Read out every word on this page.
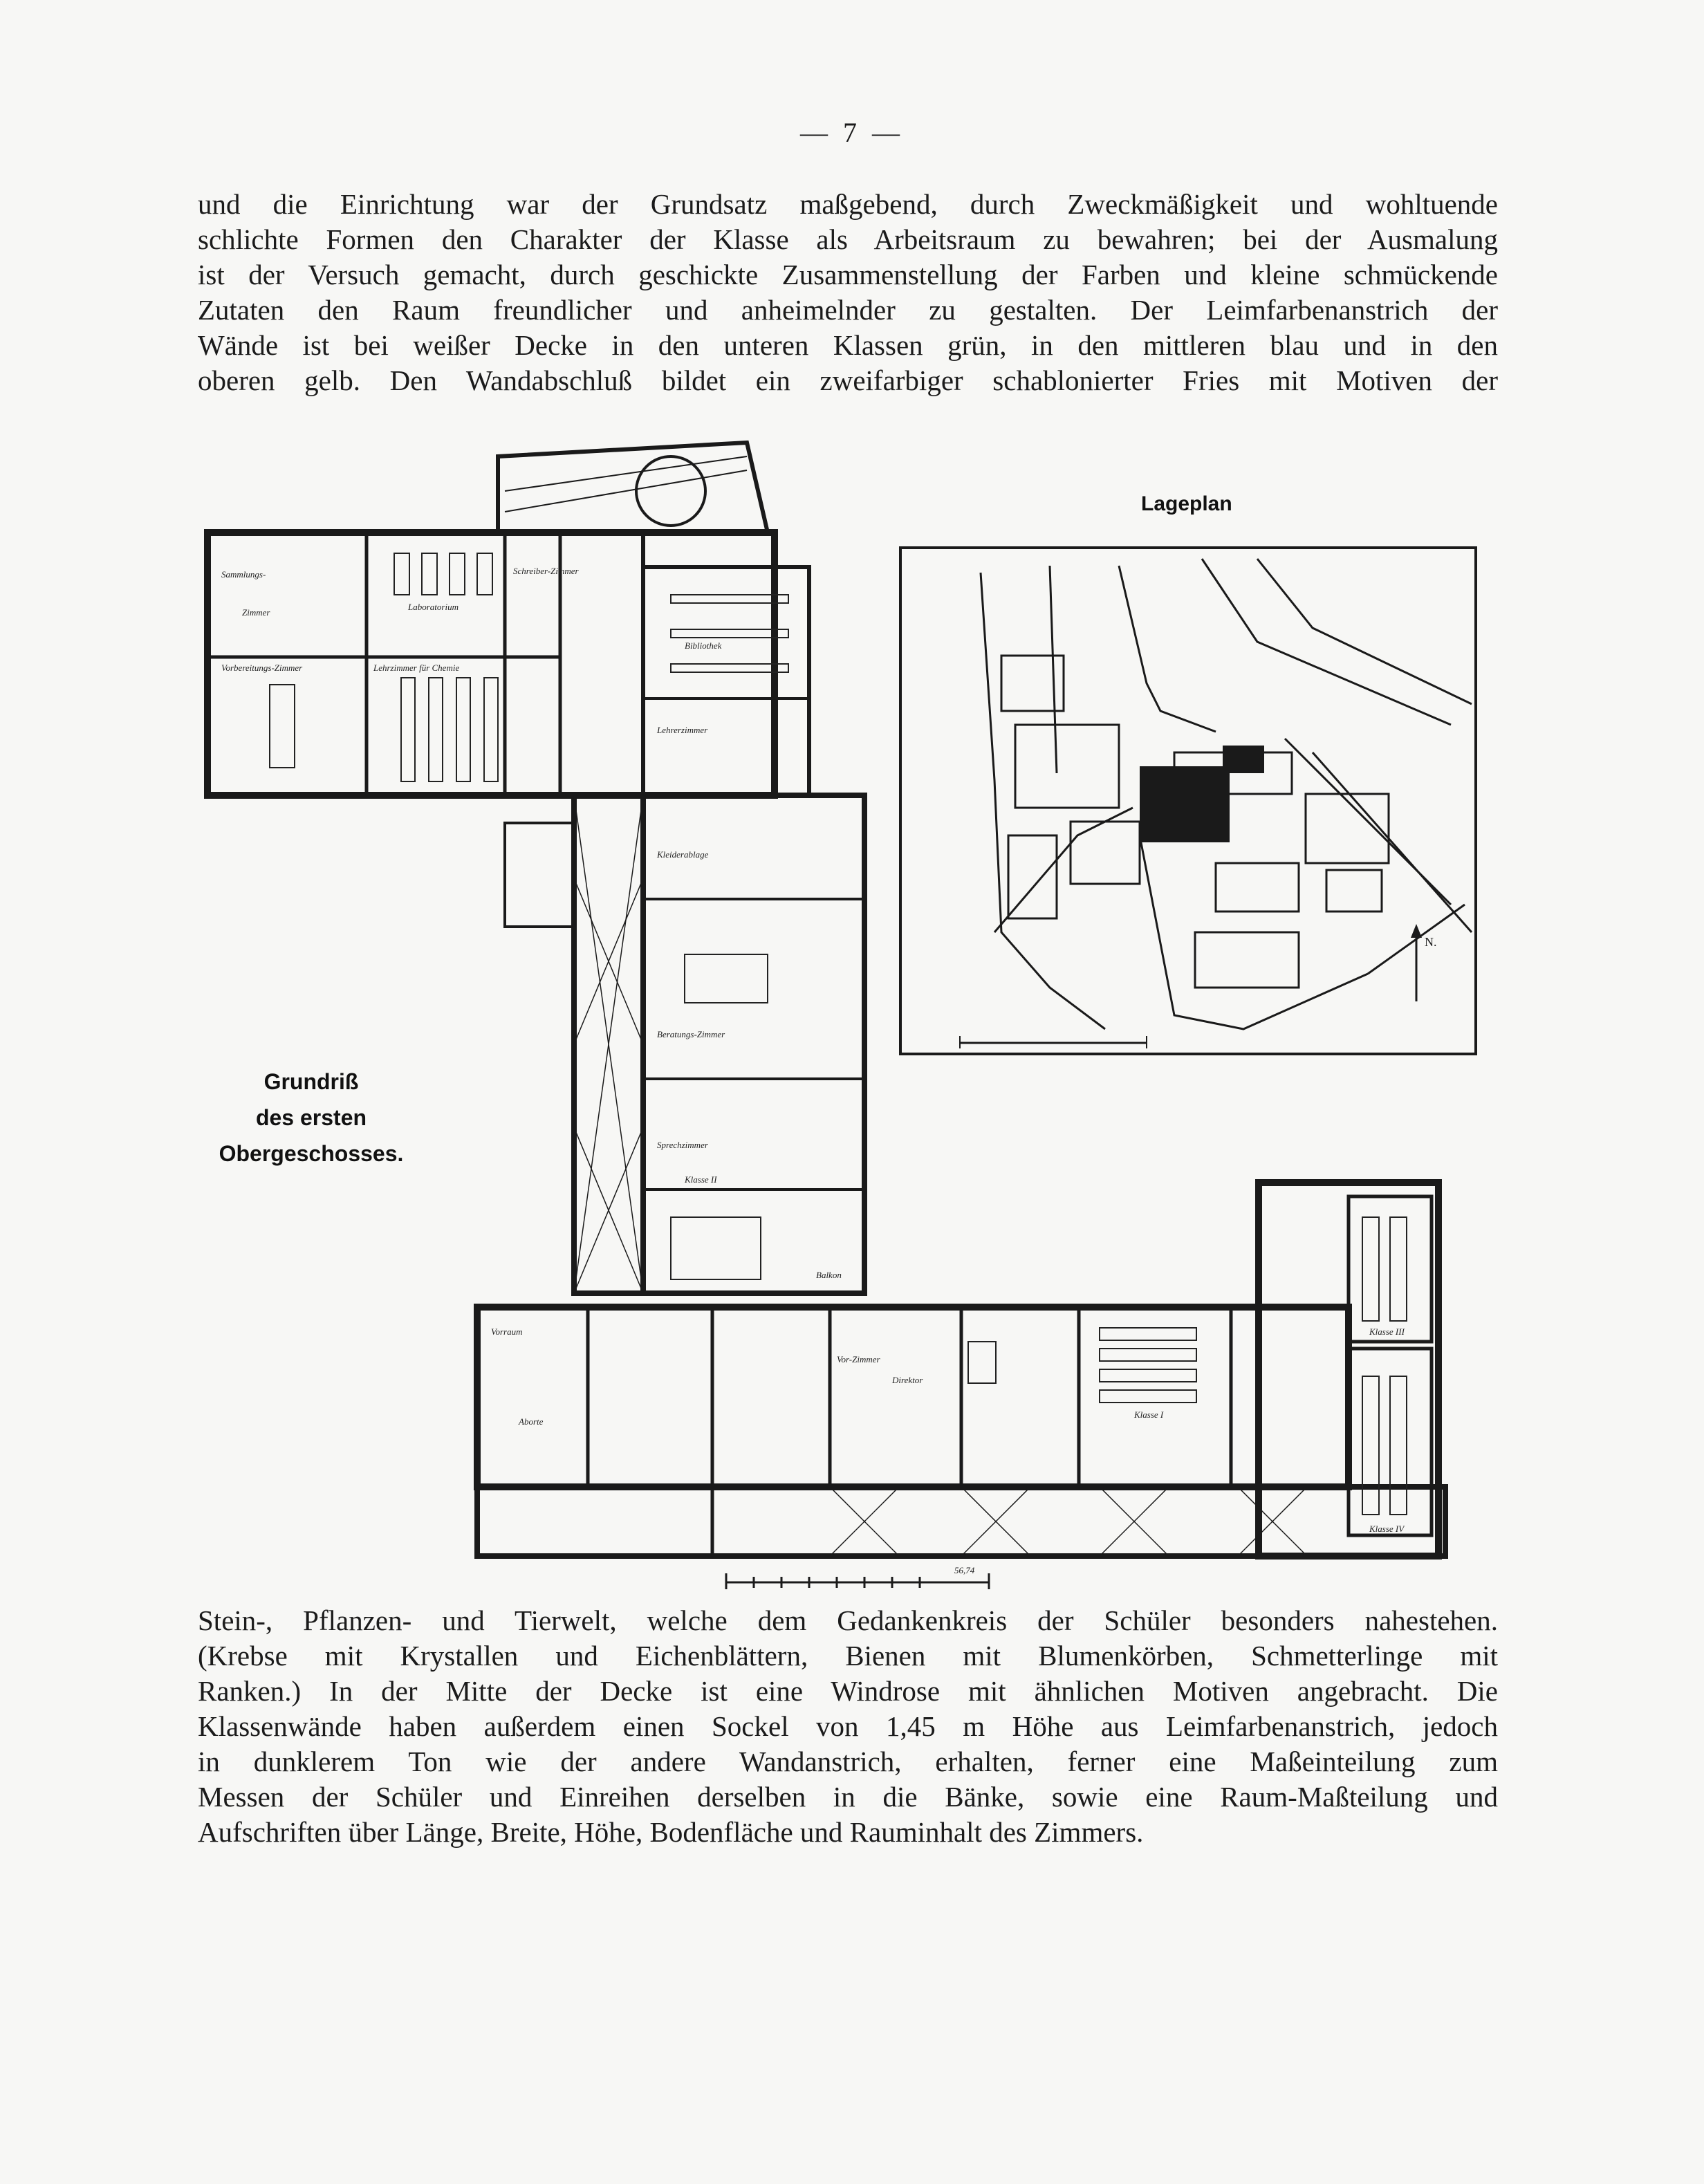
— 7 —

und die Einrichtung war der Grundsatz maßgebend, durch Zweckmäßigkeit und wohltuende
schlichte Formen den Charakter der Klasse als Arbeitsraum zu bewahren; bei der Ausmalung
ist der Versuch gemacht, durch geschickte Zusammenstellung der Farben und kleine schmückende
Zutaten den Raum freundlicher und anheimelnder zu gestalten. Der Leimfarbenanstrich der
Wände ist bei weißer Decke in den unteren Klassen grün, in den mittleren blau und in den
oberen gelb. Den Wandabschluß bildet ein zweifarbiger schablonierter Fries mit Motiven der

Sammlungs-
Zimmer
Laboratorium
Schreiber-Zimmer
Bibliothek
Vorbereitungs-Zimmer	Lehrzimmer für Chemie
Lehrerzimmer
Kleiderablage
Beratungs-Zimmer
Sprechzimmer
Balkon
Vorraum
Aborte
Vor-Zimmer
Direktor
Klasse I
Klasse II
Klasse III
Klasse IV
56,74
Lageplan
N.
Grundriß
des ersten
Obergeschosses.

Stein-, Pflanzen- und Tierwelt, welche dem Gedankenkreis der Schüler besonders nahestehen.
(Krebse mit Krystallen und Eichenblättern, Bienen mit Blumenkörben, Schmetterlinge mit
Ranken.) In der Mitte der Decke ist eine Windrose mit ähnlichen Motiven angebracht. Die
Klassenwände haben außerdem einen Sockel von 1,45 m Höhe aus Leimfarbenanstrich, jedoch
in dunklerem Ton wie der andere Wandanstrich, erhalten, ferner eine Maßeinteilung zum
Messen der Schüler und Einreihen derselben in die Bänke, sowie eine Raum-Maßteilung und
Aufschriften über Länge, Breite, Höhe, Bodenfläche und Rauminhalt des Zimmers.
